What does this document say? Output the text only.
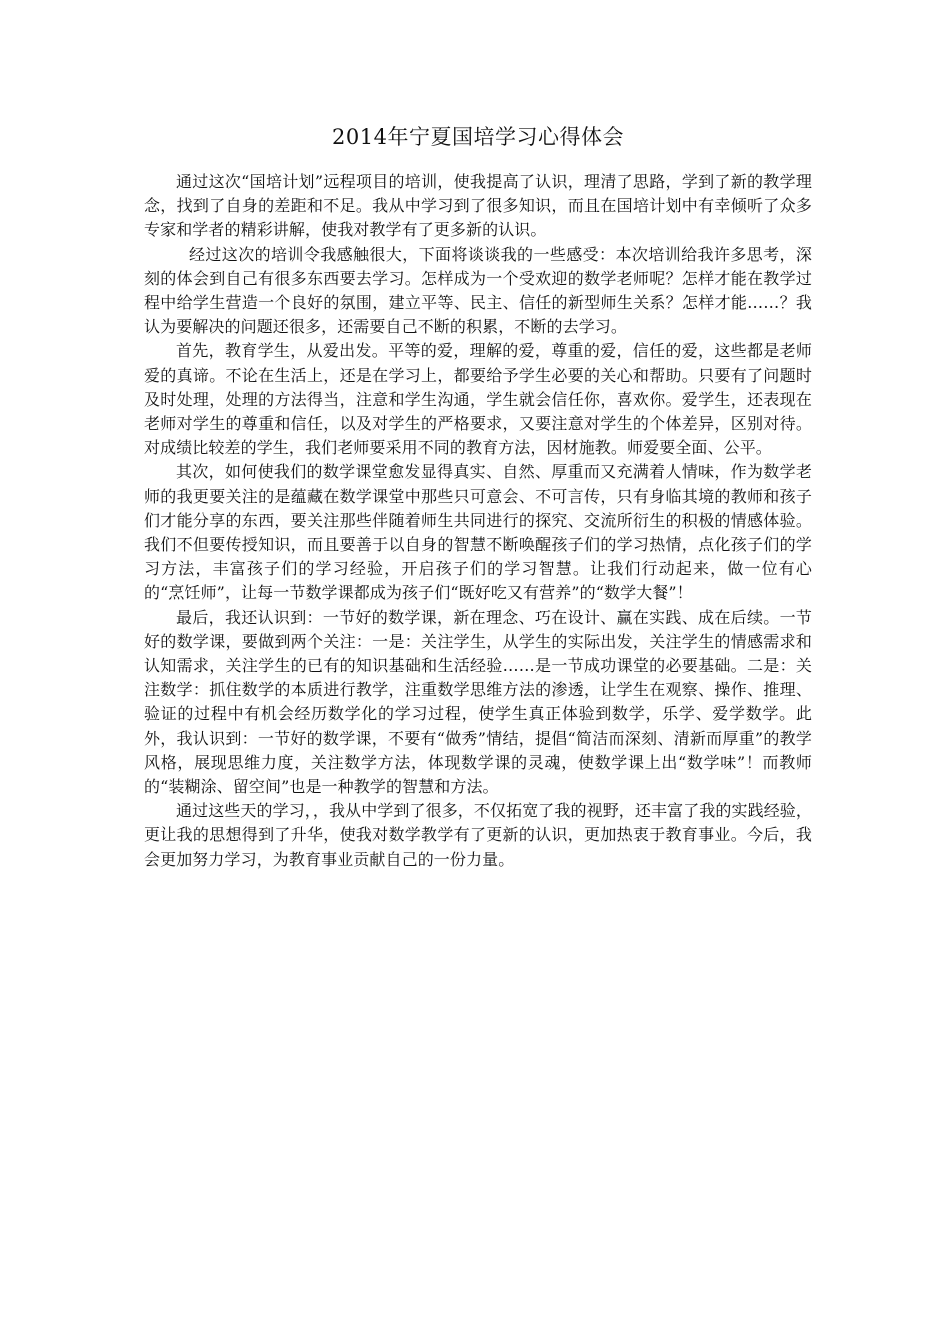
2014年宁夏国培学习心得体会

通过这次“国培计划”远程项目的培训，使我提高了认识，理清了思路，学到了新的教学理念，找到了自身的差距和不足。我从中学习到了很多知识，而且在国培计划中有幸倾听了众多专家和学者的精彩讲解，使我对教学有了更多新的认识。

经过这次的培训令我感触很大，下面将谈谈我的一些感受：本次培训给我许多思考，深刻的体会到自己有很多东西要去学习。怎样成为一个受欢迎的数学老师呢？怎样才能在教学过程中给学生营造一个良好的氛围，建立平等、民主、信任的新型师生关系？怎样才能……？我认为要解决的问题还很多，还需要自己不断的积累，不断的去学习。

首先，教育学生，从爱出发。平等的爱，理解的爱，尊重的爱，信任的爱，这些都是老师爱的真谛。不论在生活上，还是在学习上，都要给予学生必要的关心和帮助。只要有了问题时及时处理，处理的方法得当，注意和学生沟通，学生就会信任你，喜欢你。爱学生，还表现在老师对学生的尊重和信任，以及对学生的严格要求，又要注意对学生的个体差异，区别对待。对成绩比较差的学生，我们老师要采用不同的教育方法，因材施教。师爱要全面、公平。

其次，如何使我们的数学课堂愈发显得真实、自然、厚重而又充满着人情味，作为数学老师的我更要关注的是蕴藏在数学课堂中那些只可意会、不可言传，只有身临其境的教师和孩子们才能分享的东西，要关注那些伴随着师生共同进行的探究、交流所衍生的积极的情感体验。我们不但要传授知识，而且要善于以自身的智慧不断唤醒孩子们的学习热情，点化孩子们的学习方法，丰富孩子们的学习经验，开启孩子们的学习智慧。让我们行动起来，做一位有心的“烹饪师”，让每一节数学课都成为孩子们“既好吃又有营养”的“数学大餐”！

最后，我还认识到：一节好的数学课，新在理念、巧在设计、赢在实践、成在后续。一节好的数学课，要做到两个关注：一是：关注学生，从学生的实际出发，关注学生的情感需求和认知需求，关注学生的已有的知识基础和生活经验……是一节成功课堂的必要基础。二是：关注数学：抓住数学的本质进行教学，注重数学思维方法的渗透，让学生在观察、操作、推理、验证的过程中有机会经历数学化的学习过程，使学生真正体验到数学，乐学、爱学数学。此外，我认识到：一节好的数学课，不要有“做秀”情结，提倡“简洁而深刻、清新而厚重”的教学风格，展现思维力度，关注数学方法，体现数学课的灵魂，使数学课上出“数学味”！而教师的“装糊涂、留空间”也是一种教学的智慧和方法。

通过这些天的学习，，我从中学到了很多，不仅拓宽了我的视野，还丰富了我的实践经验，更让我的思想得到了升华，使我对数学教学有了更新的认识，更加热衷于教育事业。今后，我会更加努力学习，为教育事业贡献自己的一份力量。
